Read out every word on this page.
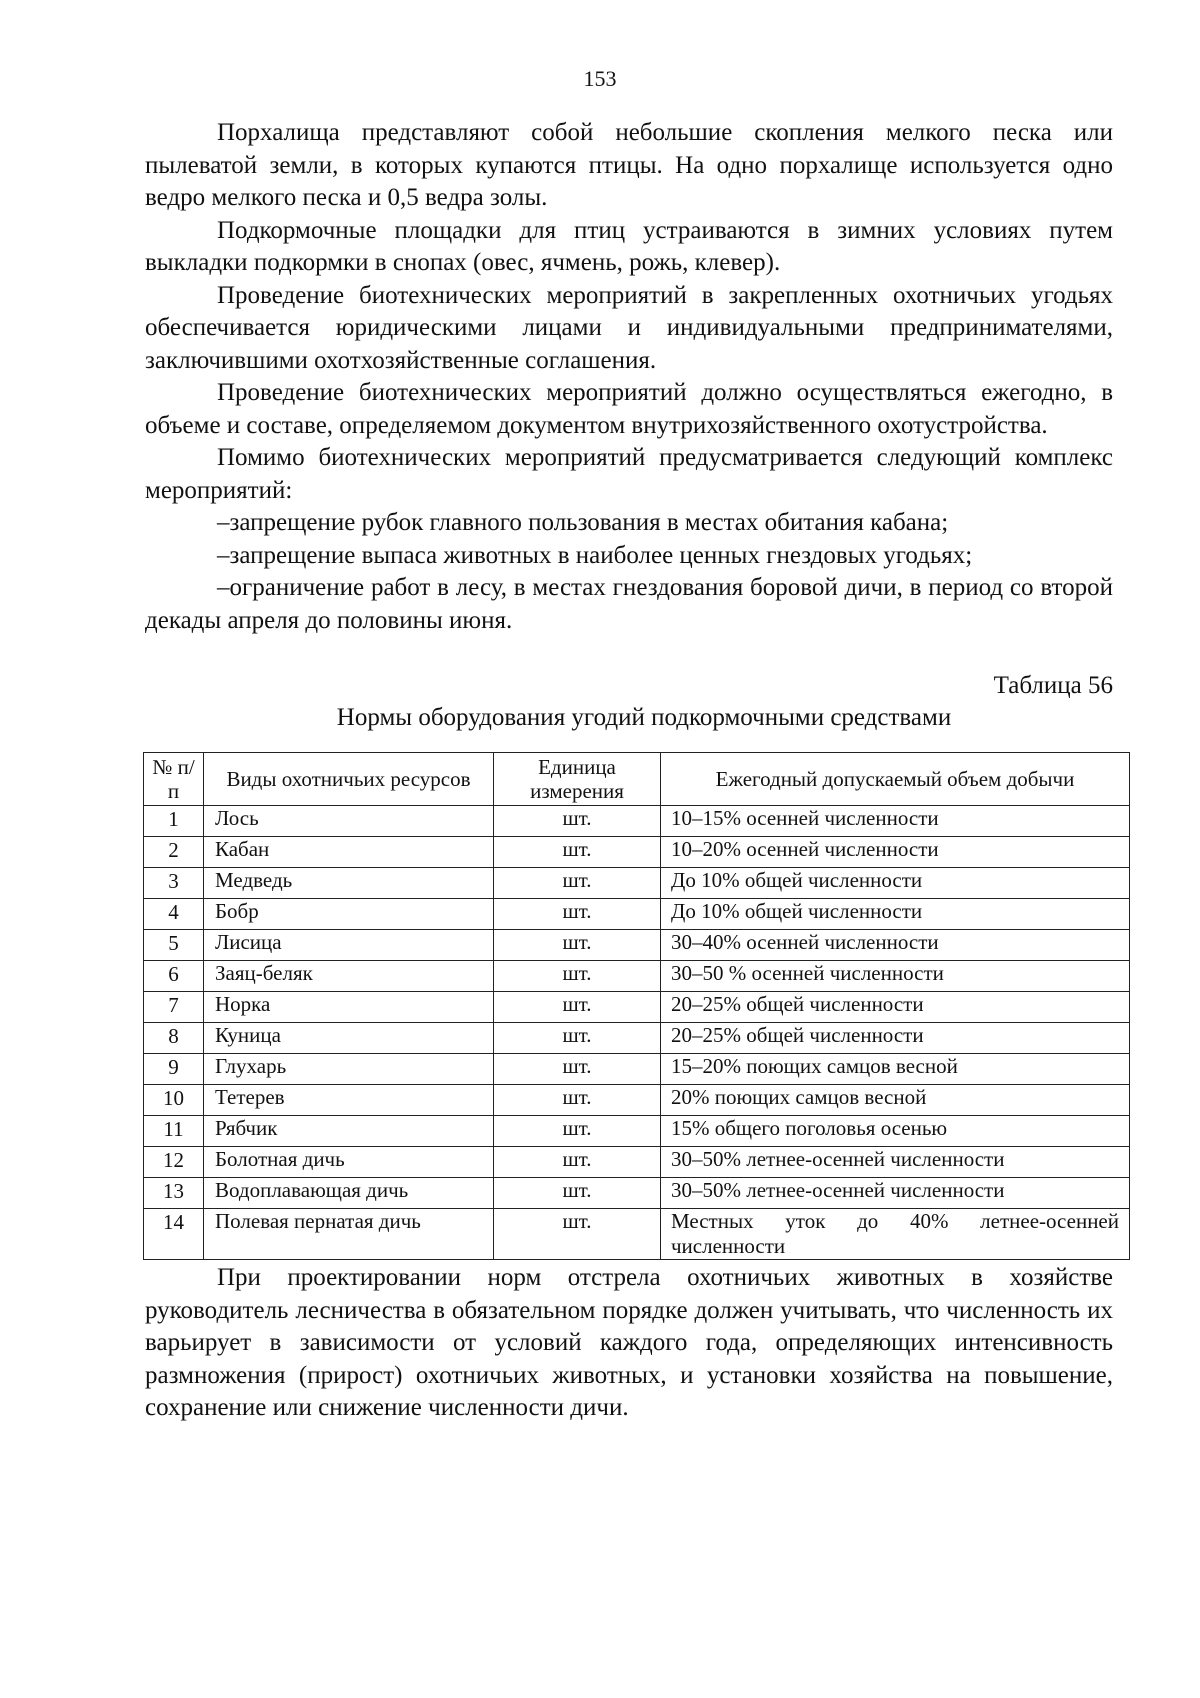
153

Порхалища представляют собой небольшие скопления мелкого песка или пылеватой земли, в которых купаются птицы. На одно порхалище используется одно ведро мелкого песка и 0,5 ведра золы.

Подкормочные площадки для птиц устраиваются в зимних условиях путем выкладки подкормки в снопах (овес, ячмень, рожь, клевер).

Проведение биотехнических мероприятий в закрепленных охотничьих угодьях обеспечивается юридическими лицами и индивидуальными предпринимателями, заключившими охотхозяйственные соглашения.

Проведение биотехнических мероприятий должно осуществляться ежегодно, в объеме и составе, определяемом документом внутрихозяйственного охотустройства.

Помимо биотехнических мероприятий предусматривается следующий комплекс мероприятий:

–запрещение рубок главного пользования в местах обитания кабана;

–запрещение выпаса животных в наиболее ценных гнездовых угодьях;

–ограничение работ в лесу, в местах гнездования боровой дичи, в период со второй декады апреля до половины июня.

Таблица 56
Нормы оборудования угодий подкормочными средствами
№ п/п	Виды охотничьих ресурсов	Единица измерения	Ежегодный допускаемый объем добычи
1	Лось	шт.	10–15% осенней численности
2	Кабан	шт.	10–20% осенней численности
3	Медведь	шт.	До 10% общей численности
4	Бобр	шт.	До 10% общей численности
5	Лисица	шт.	30–40% осенней численности
6	Заяц-беляк	шт.	30–50 % осенней численности
7	Норка	шт.	20–25% общей численности
8	Куница	шт.	20–25% общей численности
9	Глухарь	шт.	15–20% поющих самцов весной
10	Тетерев	шт.	20% поющих самцов весной
11	Рябчик	шт.	15% общего поголовья осенью
12	Болотная дичь	шт.	30–50% летнее-осенней численности
13	Водоплавающая дичь	шт.	30–50% летнее-осенней численности
14	Полевая пернатая дичь	шт.	Местных уток до 40% летнее-осенней численности

При проектировании норм отстрела охотничьих животных в хозяйстве руководитель лесничества в обязательном порядке должен учитывать, что численность их варьирует в зависимости от условий каждого года, определяющих интенсивность размножения (прирост) охотничьих животных, и установки хозяйства на повышение, сохранение или снижение численности дичи.
